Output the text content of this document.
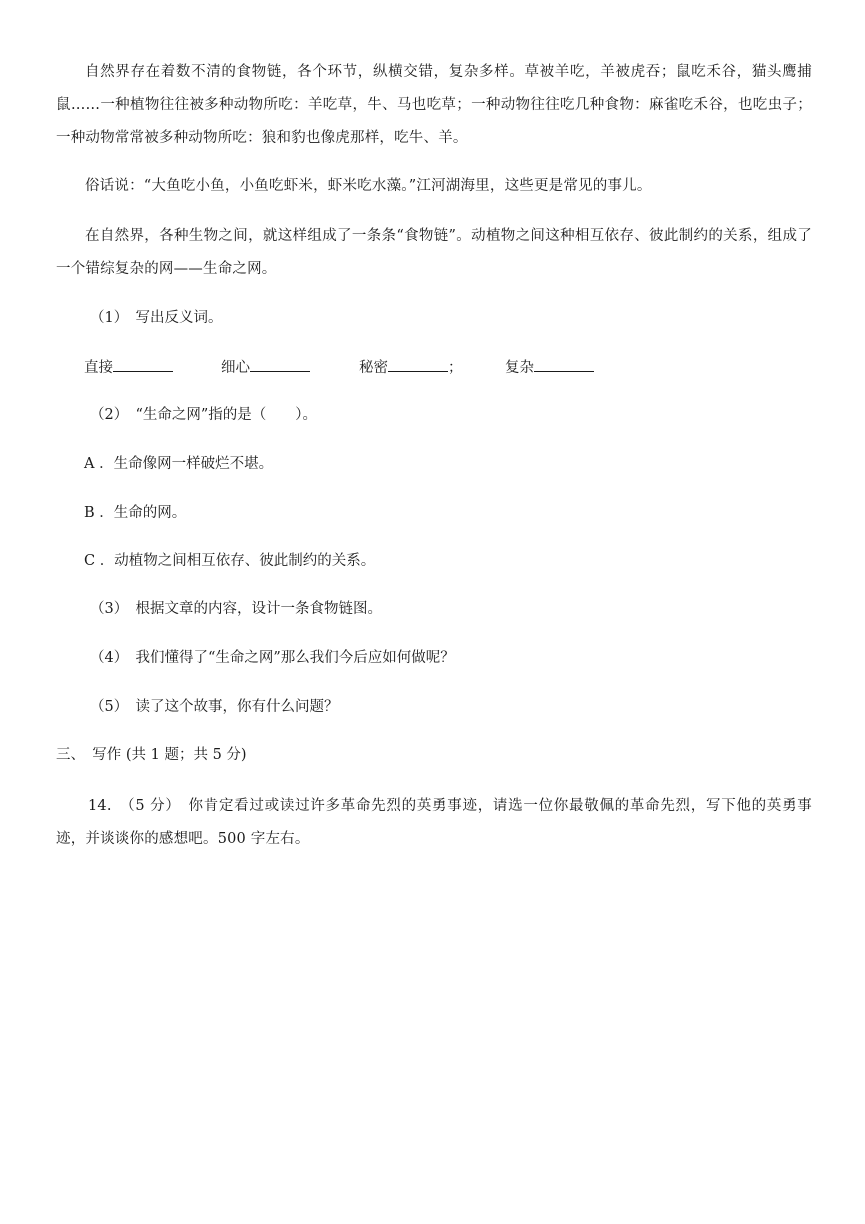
自然界存在着数不清的食物链，各个环节，纵横交错，复杂多样。草被羊吃，羊被虎吞；鼠吃禾谷，猫头鹰捕鼠……一种植物往往被多种动物所吃：羊吃草，牛、马也吃草；一种动物往往吃几种食物：麻雀吃禾谷，也吃虫子；一种动物常常被多种动物所吃：狼和豹也像虎那样，吃牛、羊。

俗话说：“大鱼吃小鱼，小鱼吃虾米，虾米吃水藻。”江河湖海里，这些更是常见的事儿。

在自然界，各种生物之间，就这样组成了一条条“食物链”。动植物之间这种相互依存、彼此制约的关系，组成了一个错综复杂的网——生命之网。

（1）　写出反义词。

直接	细心	秘密	；	复杂

（2）　“生命之网”指的是（　　）。

A ．生命像网一样破烂不堪。

B ．生命的网。

C ．动植物之间相互依存、彼此制约的关系。

（3）　根据文章的内容，设计一条食物链图。

（4）　我们懂得了“生命之网”那么我们今后应如何做呢？

（5）　读了这个故事，你有什么问题？

三、　写作 (共 1 题；共 5 分)

14.　（5 分）　你肯定看过或读过许多革命先烈的英勇事迹，请选一位你最敬佩的革命先烈，写下他的英勇事迹，并谈谈你的感想吧。500 字左右。
